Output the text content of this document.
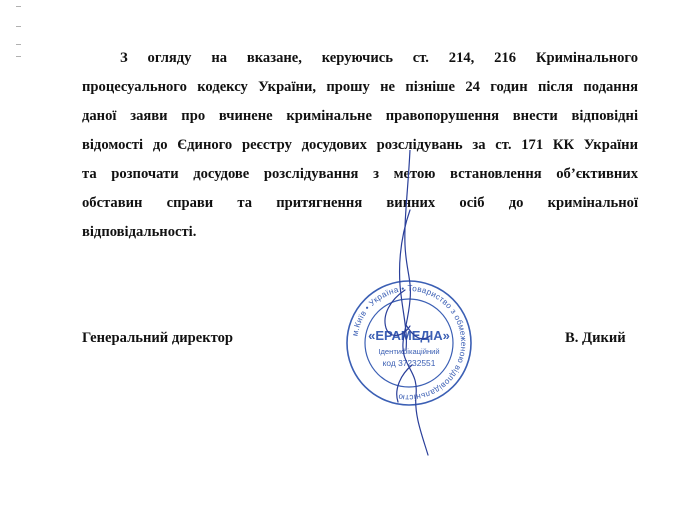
З огляду на вказане, керуючись ст. 214, 216 Кримінального
процесуального кодексу України, прошу не пізніше 24 годин після подання
даної заяви про вчинене кримінальне правопорушення внести відповідні
відомості до Єдиного реєстру досудових розслідувань за ст. 171 КК України
та розпочати досудове розслідування з метою встановлення об’єктивних
обставин справи та притягнення винних осіб до кримінальної
відповідальності.

Генеральний директор	В. Дикий

м.Київ • Україна • Товариство з обмеженою відповідальністю
«ЕРАМЕДІА»
Ідентифікаційний
код 37232551
